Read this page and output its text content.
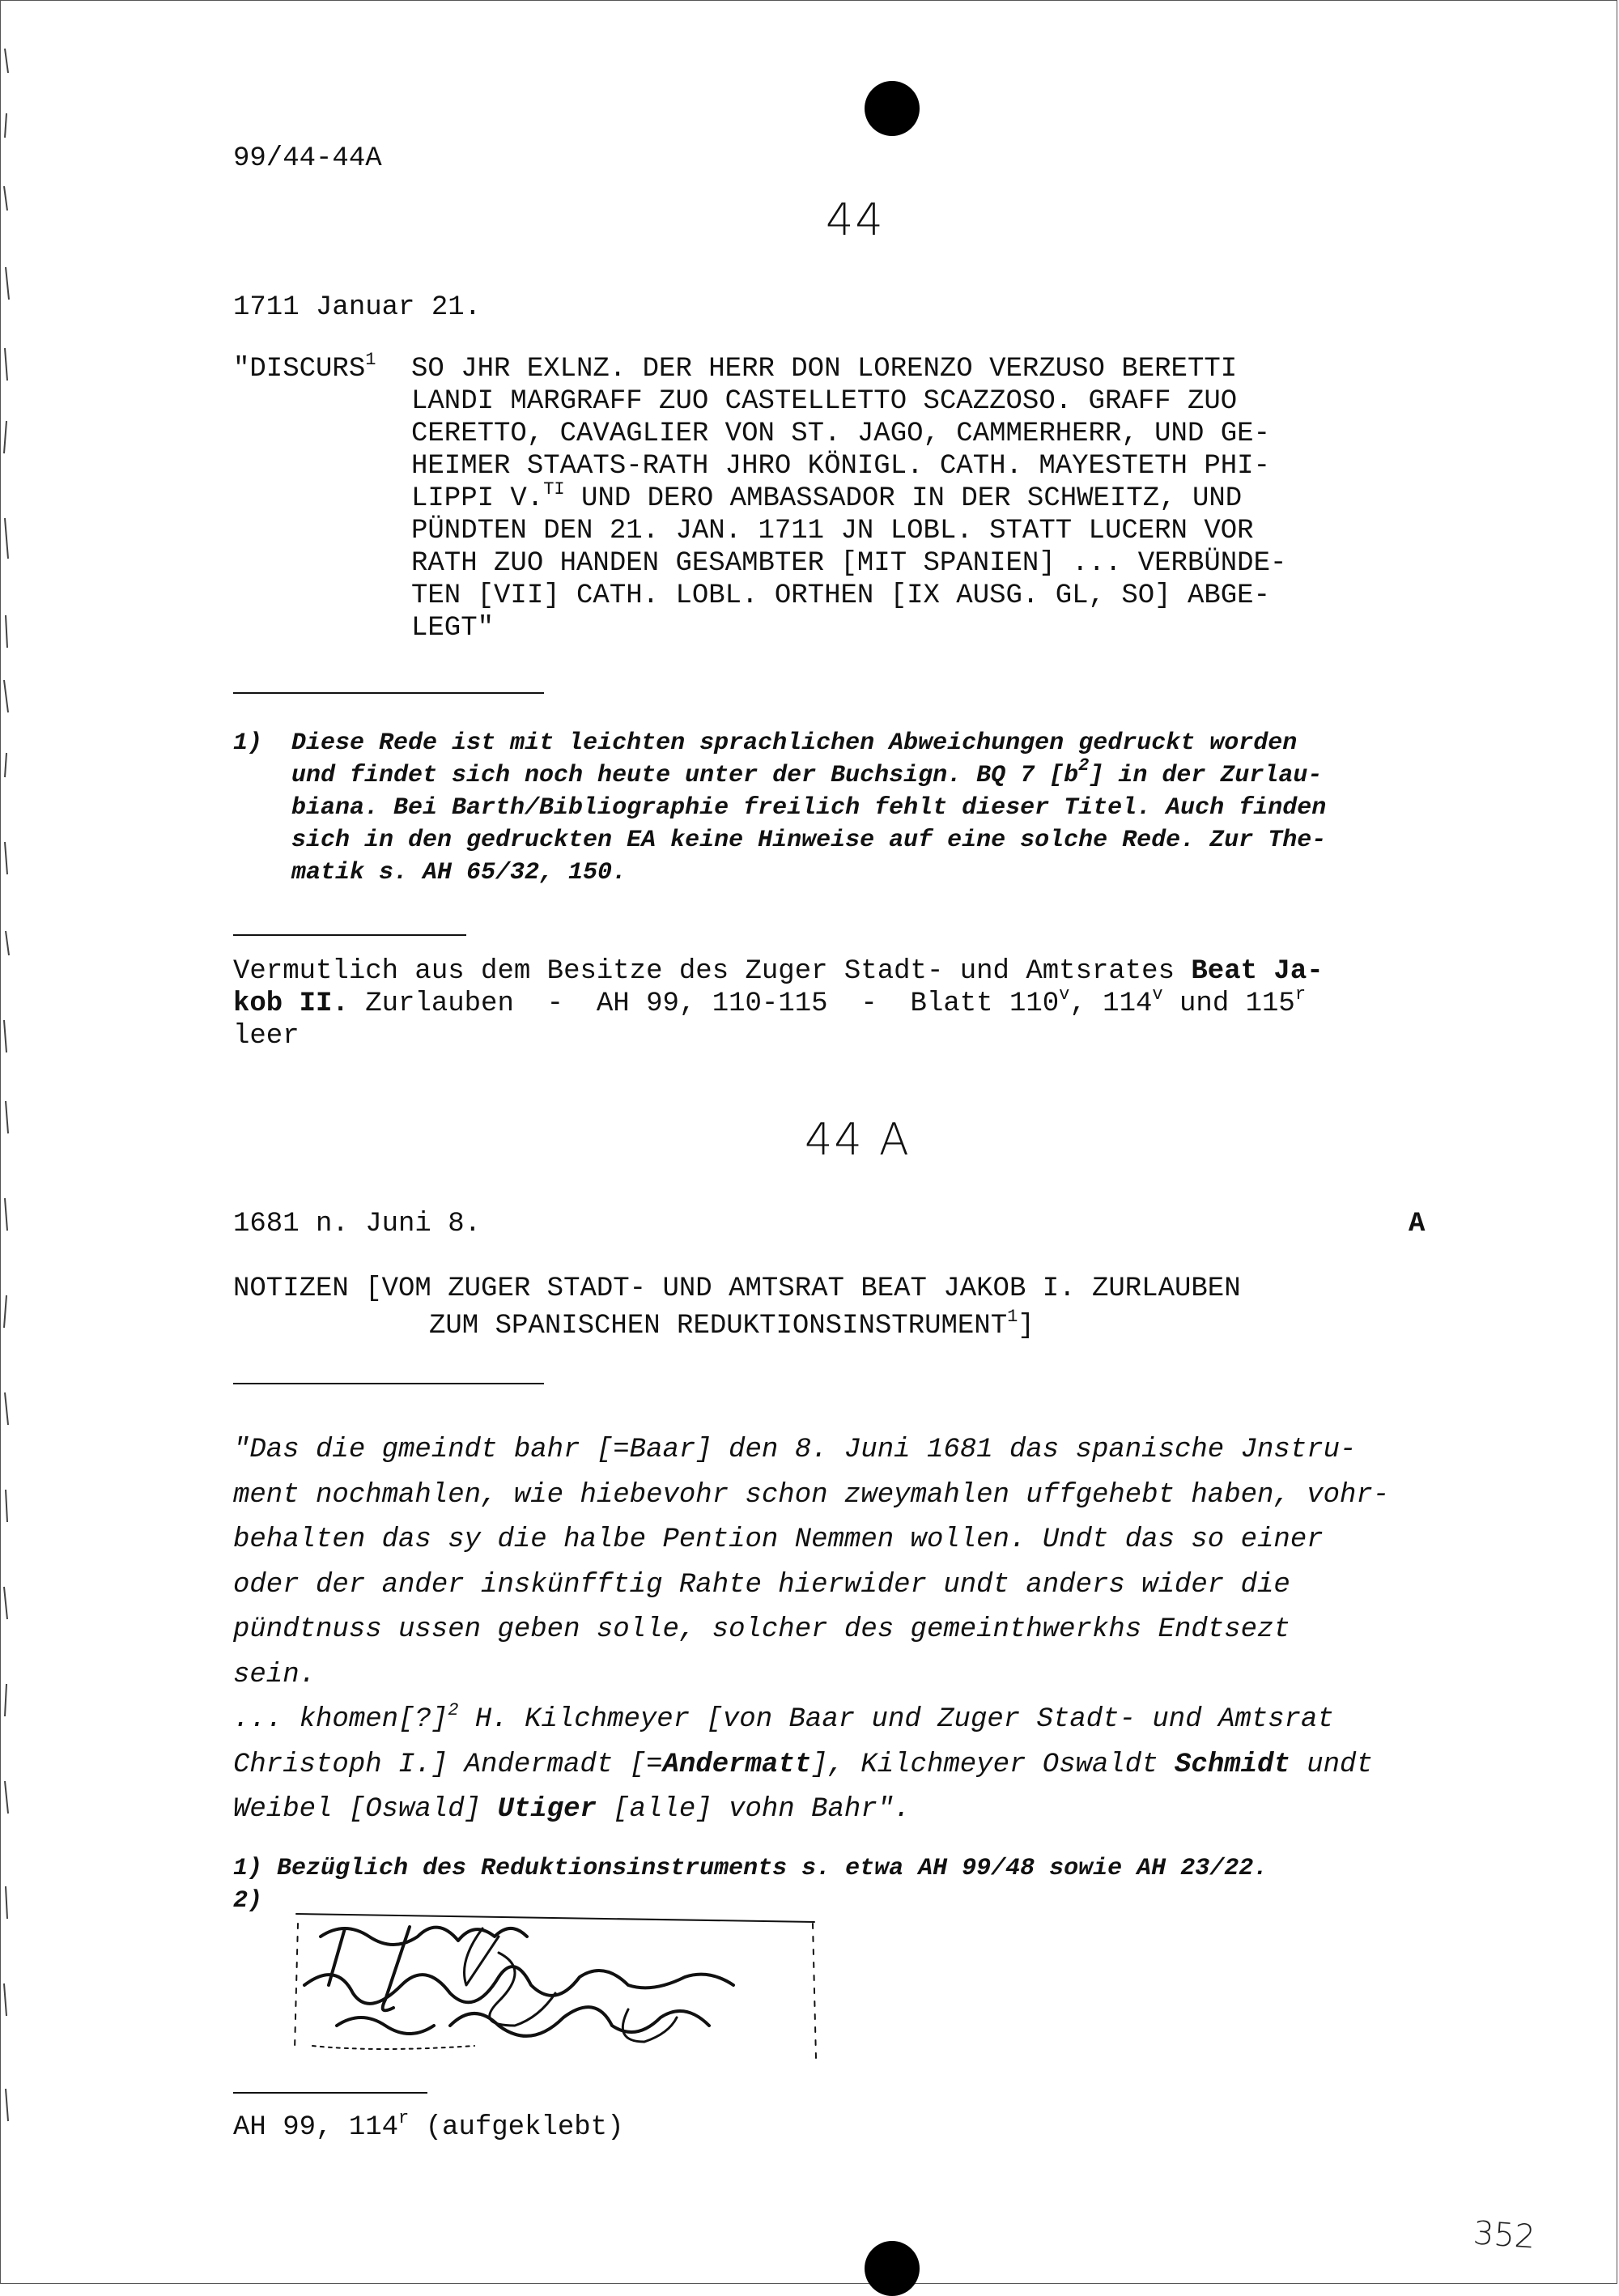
99/44-44A
44
1711 Januar 21.
"DISCURS$^1$ SO JHR EXLNZ. DER HERR DON LORENZO VERZUSO BERETTI
LANDI MARGRAFF ZUO CASTELLETTO SCAZZOSO. GRAFF ZUO
CERETTO, CAVAGLIER VON ST. JAGO, CAMMERHERR, UND GE-
HEIMER STAATS-RATH JHRO KÖNIGL. CATH. MAYESTETH PHI-
LIPPI V.$^{TI}$ UND DERO AMBASSADOR IN DER SCHWEITZ, UND
PÜNDTEN DEN 21. JAN. 1711 JN LOBL. STATT LUCERN VOR
RATH ZUO HANDEN GESAMBTER [MIT SPANIEN] ... VERBÜNDE-
TEN [VII] CATH. LOBL. ORTHEN [IX AUSG. GL, SO] ABGE-
LEGT"
1) Diese Rede ist mit leichten sprachlichen Abweichungen gedruckt worden
und findet sich noch heute unter der Buchsign. BQ 7 $[b^2]$ in der Zurlau-
biana. Bei Barth/Bibliographie freilich fehlt dieser Titel. Auch finden
sich in den gedruckten EA keine Hinweise auf eine solche Rede. Zur The-
matik s. AH 65/32, 150.
Vermutlich aus dem Besitze des Zuger Stadt- und Amtsrates Beat Ja-
kob II. Zurlauben  -  AH 99, 110-115  -  Blatt 110$^v$, 114$^v$ und 115$^r$
leer
44 A
1681 n. Juni 8.	A
NOTIZEN [VOM ZUGER STADT- UND AMTSRAT BEAT JAKOB I. ZURLAUBEN
ZUM SPANISCHEN REDUKTIONSINSTRUMENT$^1$]
"Das die gmeindt bahr [=Baar] den 8. Juni 1681 das spanische Jnstru-
ment nochmahlen, wie hiebevohr schon zweymahlen uffgehebt haben, vohr-
behalten das sy die halbe Pention Nemmen wollen. Undt das so einer
oder der ander inskünfftig Rahte hierwider undt anders wider die
pündtnuss ussen geben solle, solcher des gemeinthwerkhs Endtsezt
sein.
... khomen[?]$^2$ H. Kilchmeyer [von Baar und Zuger Stadt- und Amtsrat
Christoph I.] Andermadt [=Andermatt], Kilchmeyer Oswaldt Schmidt undt
Weibel [Oswald] Utiger [alle] vohn Bahr".
1) Bezüglich des Reduktionsinstruments s. etwa AH 99/48 sowie AH 23/22.
2)
AH 99, 114$^r$ (aufgeklebt)
352
